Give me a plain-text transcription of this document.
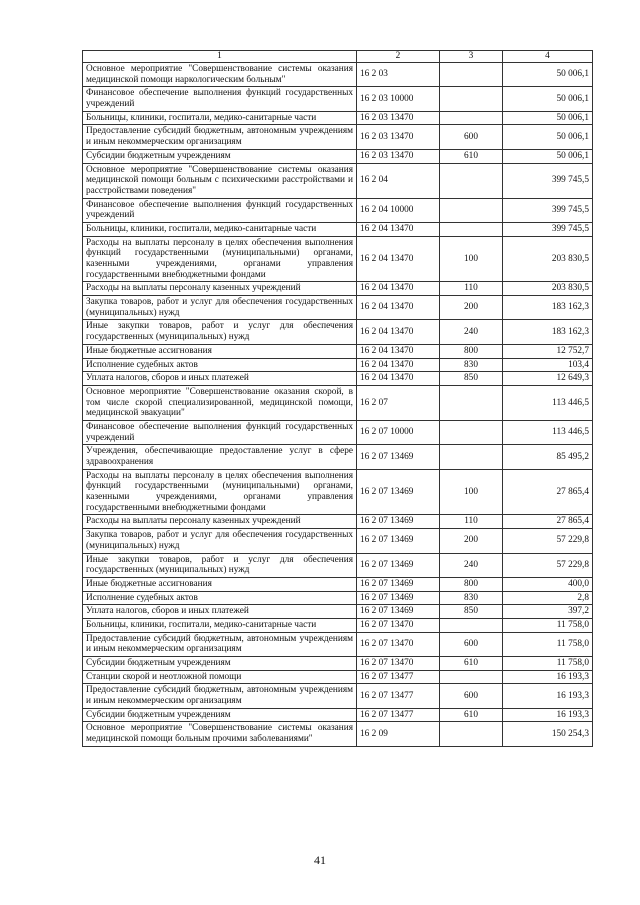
1	2	3	4
Основное мероприятие "Совершенствование системы оказания медицинской помощи наркологическим больным"	16 2 03		50 006,1
Финансовое обеспечение выполнения функций государственных учреждений	16 2 03 10000		50 006,1
Больницы, клиники, госпитали, медико-санитарные части	16 2 03 13470		50 006,1
Предоставление субсидий бюджетным, автономным учреждениям и иным некоммерческим организациям	16 2 03 13470	600	50 006,1
Субсидии бюджетным учреждениям	16 2 03 13470	610	50 006,1
Основное мероприятие "Совершенствование системы оказания медицинской помощи больным с психическими расстройствами и расстройствами поведения"	16 2 04		399 745,5
Финансовое обеспечение выполнения функций государственных учреждений	16 2 04 10000		399 745,5
Больницы, клиники, госпитали, медико-санитарные части	16 2 04 13470		399 745,5
Расходы на выплаты персоналу в целях обеспечения выполнения функций государственными (муниципальными) органами, казенными учреждениями, органами управления государственными внебюджетными фондами	16 2 04 13470	100	203 830,5
Расходы на выплаты персоналу казенных учреждений	16 2 04 13470	110	203 830,5
Закупка товаров, работ и услуг для обеспечения государственных (муниципальных) нужд	16 2 04 13470	200	183 162,3
Иные закупки товаров, работ и услуг для обеспечения государственных (муниципальных) нужд	16 2 04 13470	240	183 162,3
Иные бюджетные ассигнования	16 2 04 13470	800	12 752,7
Исполнение судебных актов	16 2 04 13470	830	103,4
Уплата налогов, сборов и иных платежей	16 2 04 13470	850	12 649,3
Основное мероприятие "Совершенствование оказания скорой, в том числе скорой специализированной, медицинской помощи, медицинской эвакуации"	16 2 07		113 446,5
Финансовое обеспечение выполнения функций государственных учреждений	16 2 07 10000		113 446,5
Учреждения, обеспечивающие предоставление услуг в сфере здравоохранения	16 2 07 13469		85 495,2
Расходы на выплаты персоналу в целях обеспечения выполнения функций государственными (муниципальными) органами, казенными учреждениями, органами управления государственными внебюджетными фондами	16 2 07 13469	100	27 865,4
Расходы на выплаты персоналу казенных учреждений	16 2 07 13469	110	27 865,4
Закупка товаров, работ и услуг для обеспечения государственных (муниципальных) нужд	16 2 07 13469	200	57 229,8
Иные закупки товаров, работ и услуг для обеспечения государственных (муниципальных) нужд	16 2 07 13469	240	57 229,8
Иные бюджетные ассигнования	16 2 07 13469	800	400,0
Исполнение судебных актов	16 2 07 13469	830	2,8
Уплата налогов, сборов и иных платежей	16 2 07 13469	850	397,2
Больницы, клиники, госпитали, медико-санитарные части	16 2 07 13470		11 758,0
Предоставление субсидий бюджетным, автономным учреждениям и иным некоммерческим организациям	16 2 07 13470	600	11 758,0
Субсидии бюджетным учреждениям	16 2 07 13470	610	11 758,0
Станции скорой и неотложной помощи	16 2 07 13477		16 193,3
Предоставление субсидий бюджетным, автономным учреждениям и иным некоммерческим организациям	16 2 07 13477	600	16 193,3
Субсидии бюджетным учреждениям	16 2 07 13477	610	16 193,3
Основное мероприятие "Совершенствование системы оказания медицинской помощи больным прочими заболеваниями"	16 2 09		150 254,3
41
